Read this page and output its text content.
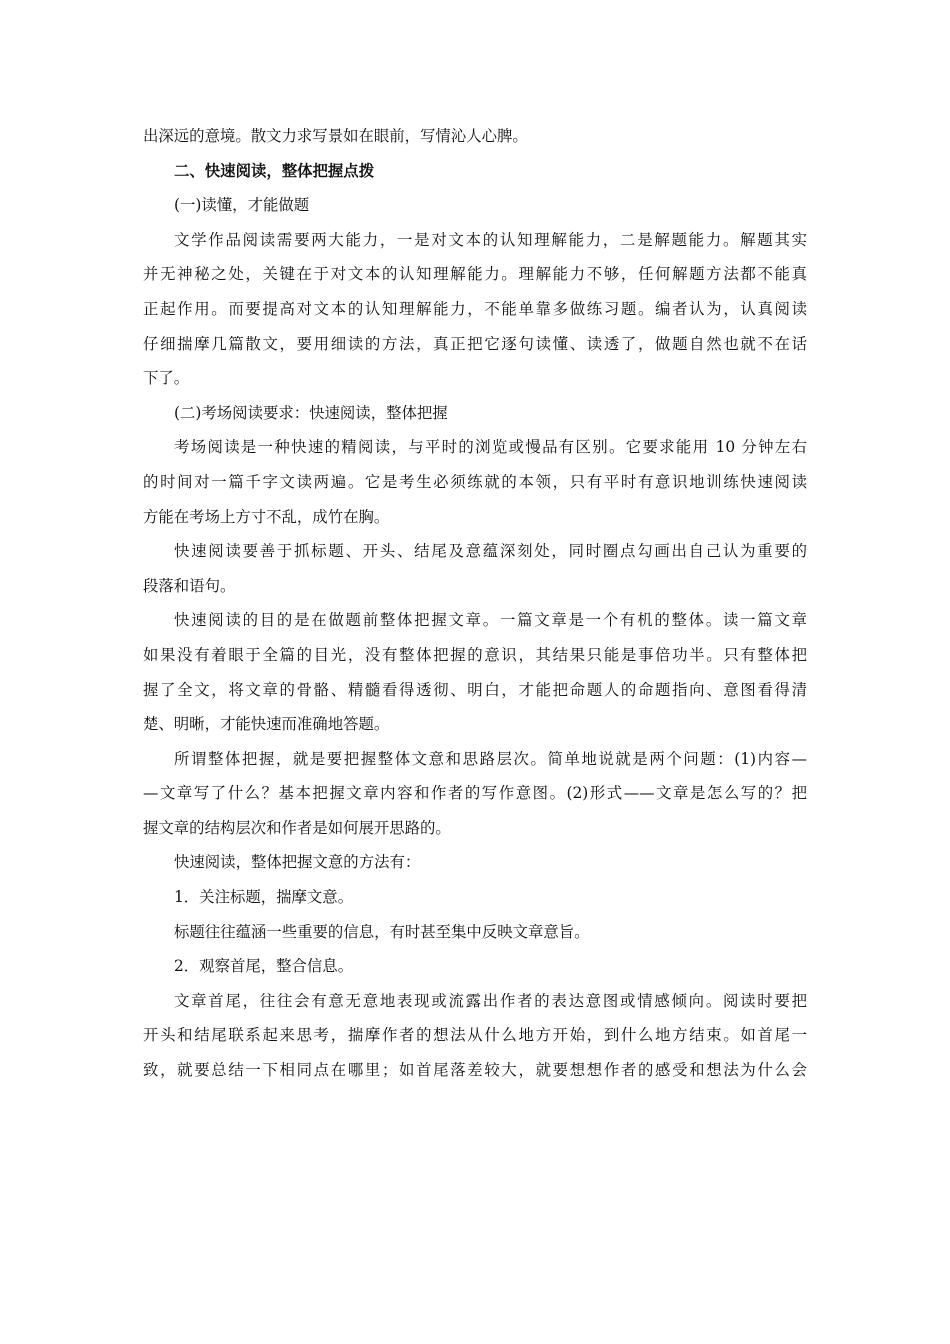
出深远的意境。散文力求写景如在眼前，写情沁人心脾。
二、快速阅读，整体把握点拨
(一)读懂，才能做题
文学作品阅读需要两大能力，一是对文本的认知理解能力，二是解题能力。解题其实
并无神秘之处，关键在于对文本的认知理解能力。理解能力不够，任何解题方法都不能真
正起作用。而要提高对文本的认知理解能力，不能单靠多做练习题。编者认为，认真阅读
仔细揣摩几篇散文，要用细读的方法，真正把它逐句读懂、读透了，做题自然也就不在话
下了。
(二)考场阅读要求：快速阅读，整体把握
考场阅读是一种快速的精阅读，与平时的浏览或慢品有区别。它要求能用 10 分钟左右
的时间对一篇千字文读两遍。它是考生必须练就的本领，只有平时有意识地训练快速阅读
方能在考场上方寸不乱，成竹在胸。
快速阅读要善于抓标题、开头、结尾及意蕴深刻处，同时圈点勾画出自己认为重要的
段落和语句。
快速阅读的目的是在做题前整体把握文章。一篇文章是一个有机的整体。读一篇文章
如果没有着眼于全篇的目光，没有整体把握的意识，其结果只能是事倍功半。只有整体把
握了全文，将文章的骨骼、精髓看得透彻、明白，才能把命题人的命题指向、意图看得清
楚、明晰，才能快速而准确地答题。
所谓整体把握，就是要把握整体文意和思路层次。简单地说就是两个问题：(1)内容—
—文章写了什么？基本把握文章内容和作者的写作意图。(2)形式——文章是怎么写的？把
握文章的结构层次和作者是如何展开思路的。
快速阅读，整体把握文意的方法有：
1．关注标题，揣摩文意。
标题往往蕴涵一些重要的信息，有时甚至集中反映文章意旨。
2．观察首尾，整合信息。
文章首尾，往往会有意无意地表现或流露出作者的表达意图或情感倾向。阅读时要把
开头和结尾联系起来思考，揣摩作者的想法从什么地方开始，到什么地方结束。如首尾一
致，就要总结一下相同点在哪里；如首尾落差较大，就要想想作者的感受和想法为什么会
